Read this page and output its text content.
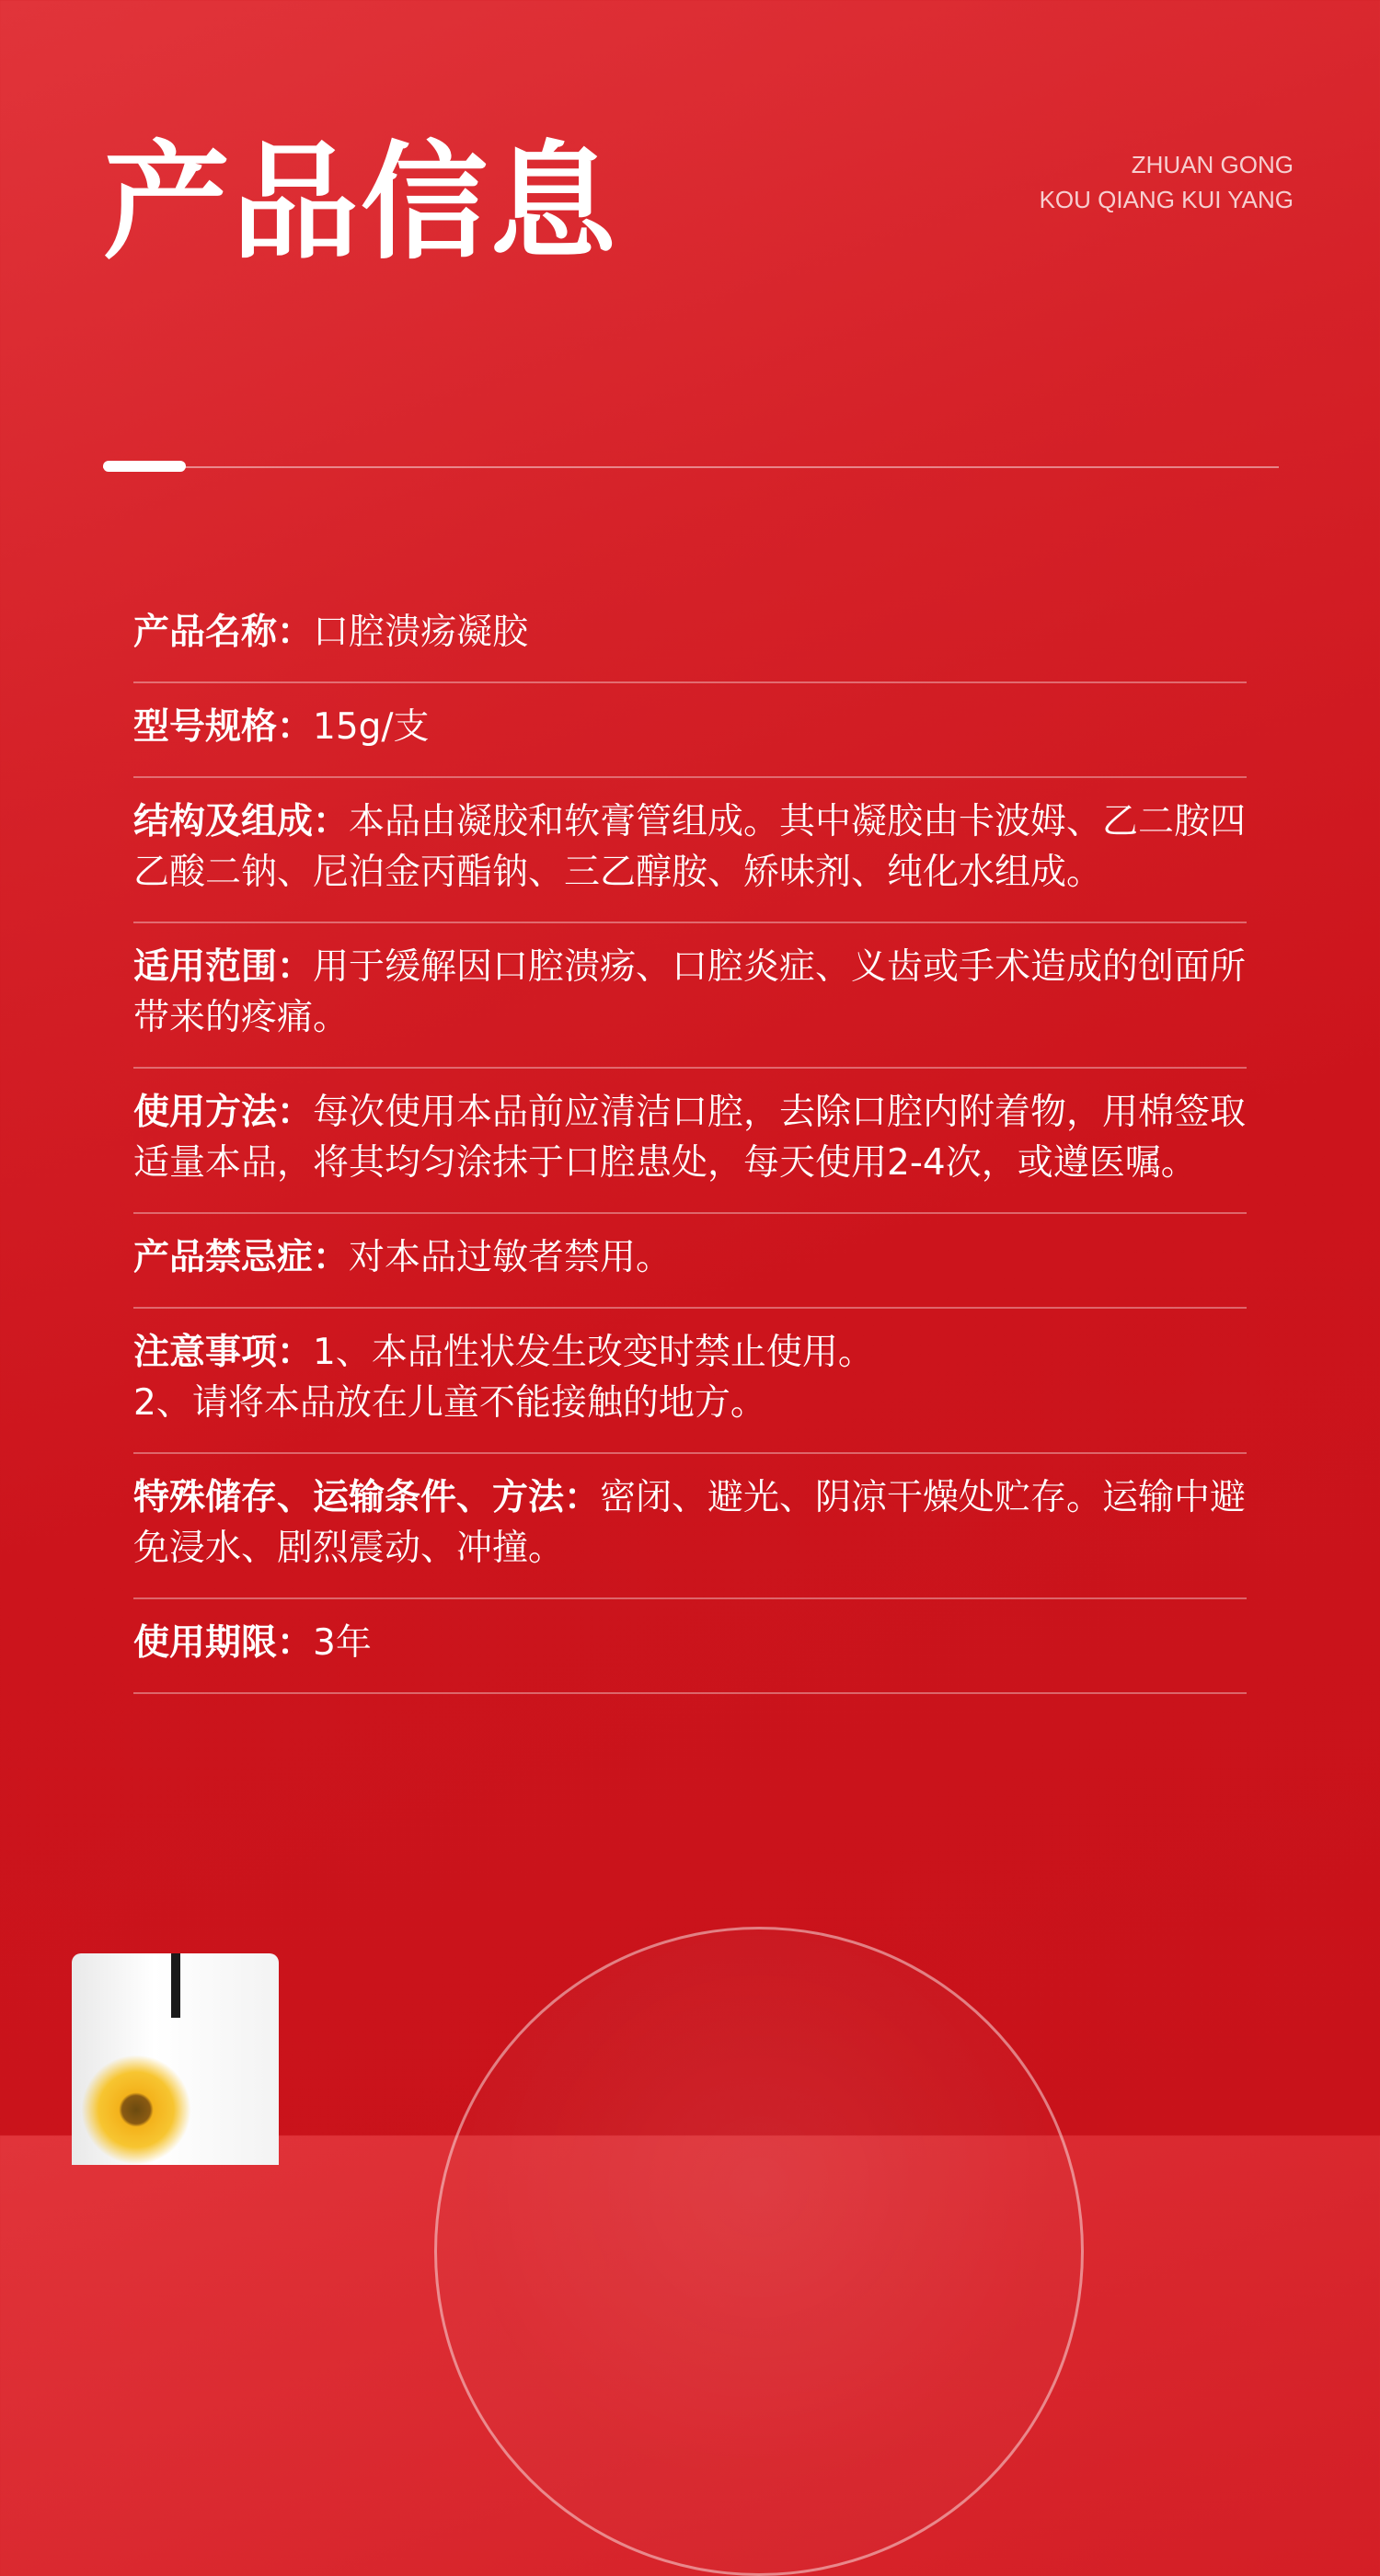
产品信息	ZHUAN GONG
KOU QIANG KUI YANG
产品名称：口腔溃疡凝胶
型号规格：15g/支
结构及组成：本品由凝胶和软膏管组成。其中凝胶由卡波姆、乙二胺四乙酸二钠、尼泊金丙酯钠、三乙醇胺、矫味剂、纯化水组成。
适用范围：用于缓解因口腔溃疡、口腔炎症、义齿或手术造成的创面所带来的疼痛。
使用方法：每次使用本品前应清洁口腔，去除口腔内附着物，用棉签取适量本品，将其均匀涂抹于口腔患处，每天使用2-4次，或遵医嘱。
产品禁忌症：对本品过敏者禁用。
注意事项：1、本品性状发生改变时禁止使用。
2、请将本品放在儿童不能接触的地方。
特殊储存、运输条件、方法：密闭、避光、阴凉干燥处贮存。运输中避免浸水、剧烈震动、冲撞。
使用期限：3年
